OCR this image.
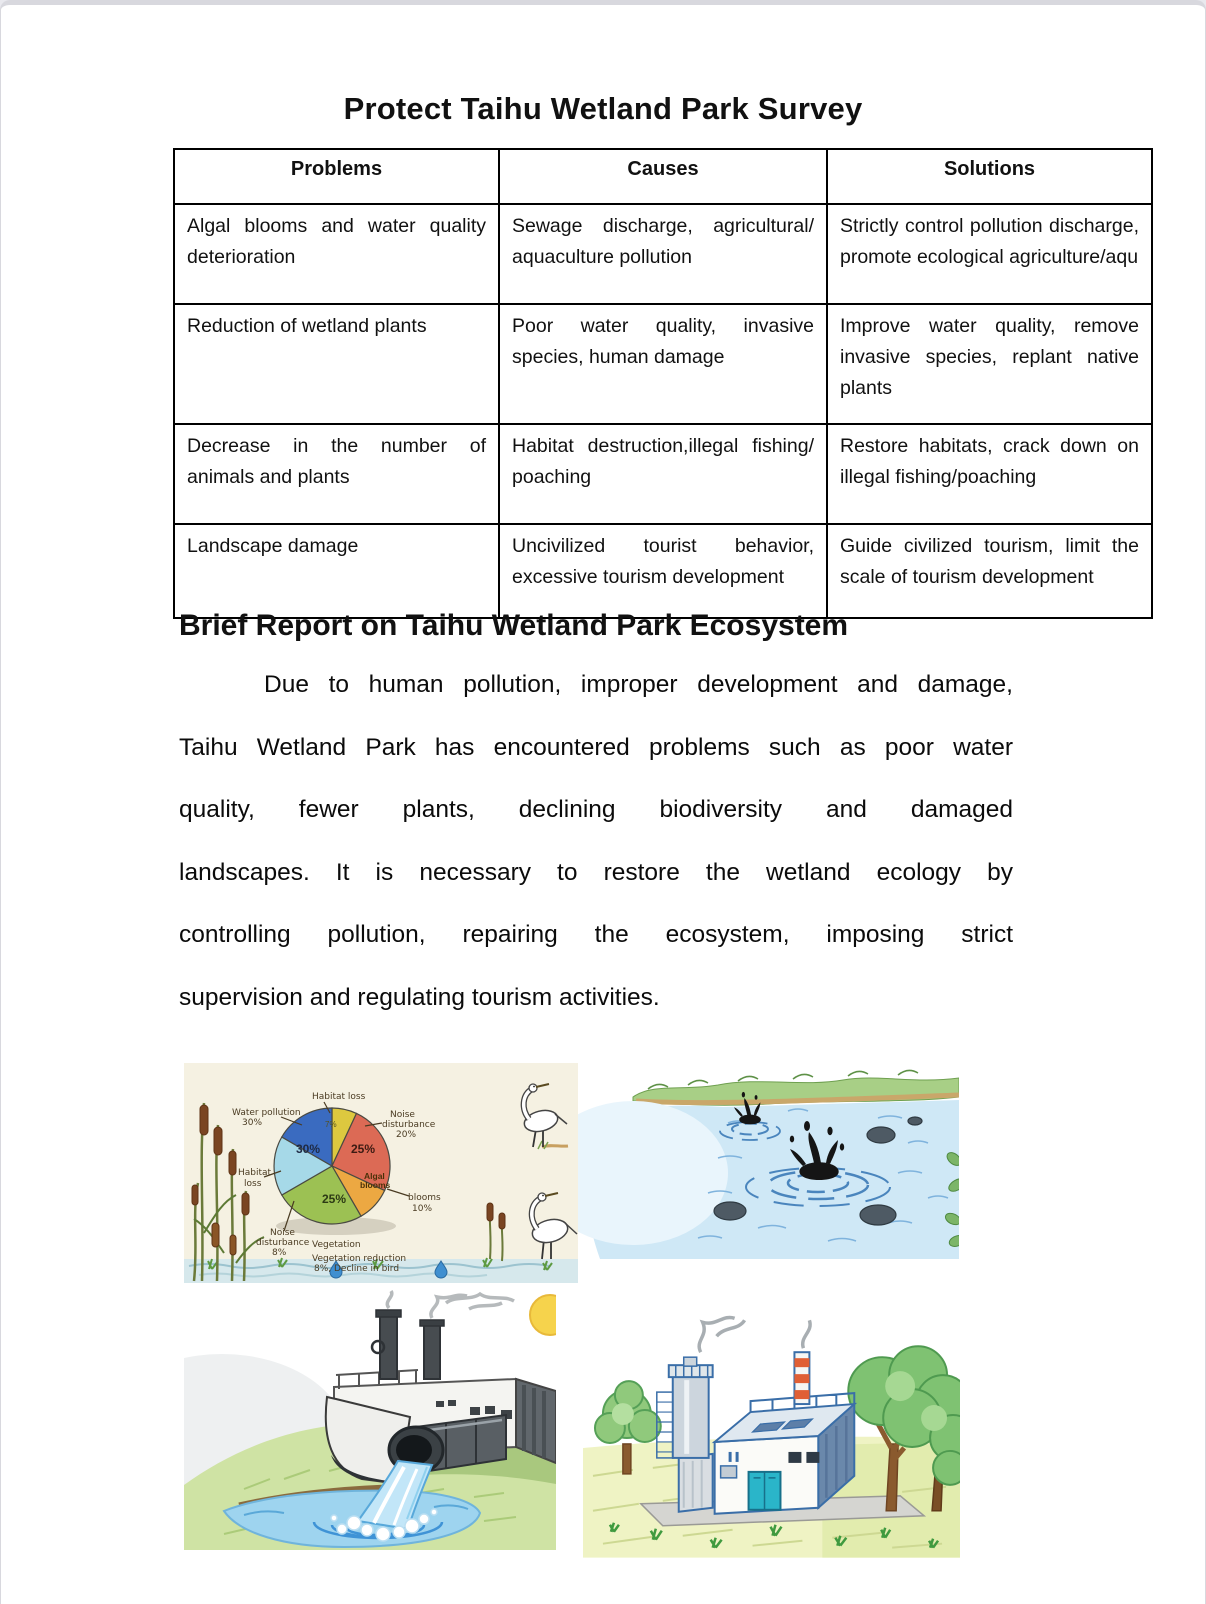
Protect Taihu Wetland Park Survey
Problems	Causes	Solutions
Algal blooms and water quality deterioration	Sewage discharge, agricultural/ aquaculture pollution	Strictly control pollution discharge, promote ecological agriculture/aqu
Reduction of wetland plants	Poor water quality, invasive species, human damage	Improve water quality, remove invasive species, replant native plants
Decrease in the number of animals and plants	Habitat destruction,illegal fishing/ poaching	Restore habitats, crack down on illegal fishing/poaching
Landscape damage	Uncivilized tourist behavior, excessive tourism development	Guide civilized tourism, limit the scale of tourism development
Brief Report on Taihu Wetland Park Ecosystem
Due to human pollution, improper development and damage,
Taihu Wetland Park has encountered problems such as poor water
quality, fewer plants, declining biodiversity and damaged
landscapes. It is necessary to restore the wetland ecology by
controlling pollution, repairing the ecosystem, imposing strict
supervision and regulating tourism activities.
30%
7%
25%
25%
Algal
blooms
Water pollution
30%
Habitat loss
Noise
disturbance
20%
blooms
10%
Habitat
loss
Noise
disturbance
8%
Vegetation
Vegetation reduction
8%, Decline in bird
